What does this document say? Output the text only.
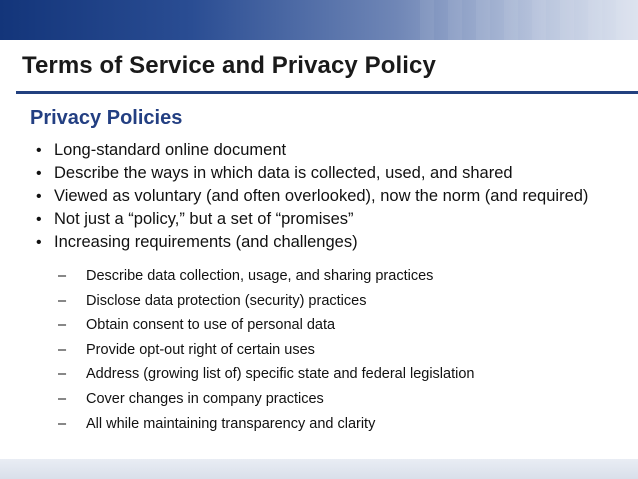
Terms of Service and Privacy Policy
Privacy Policies
• Long-standard online document
• Describe the ways in which data is collected, used, and shared
• Viewed as voluntary (and often overlooked), now the norm (and required)
• Not just a “policy,” but a set of “promises”
• Increasing requirements (and challenges)
– Describe data collection, usage, and sharing practices
– Disclose data protection (security) practices
– Obtain consent to use of personal data
– Provide opt-out right of certain uses
– Address (growing list of) specific state and federal legislation
– Cover changes in company practices
– All while maintaining transparency and clarity
